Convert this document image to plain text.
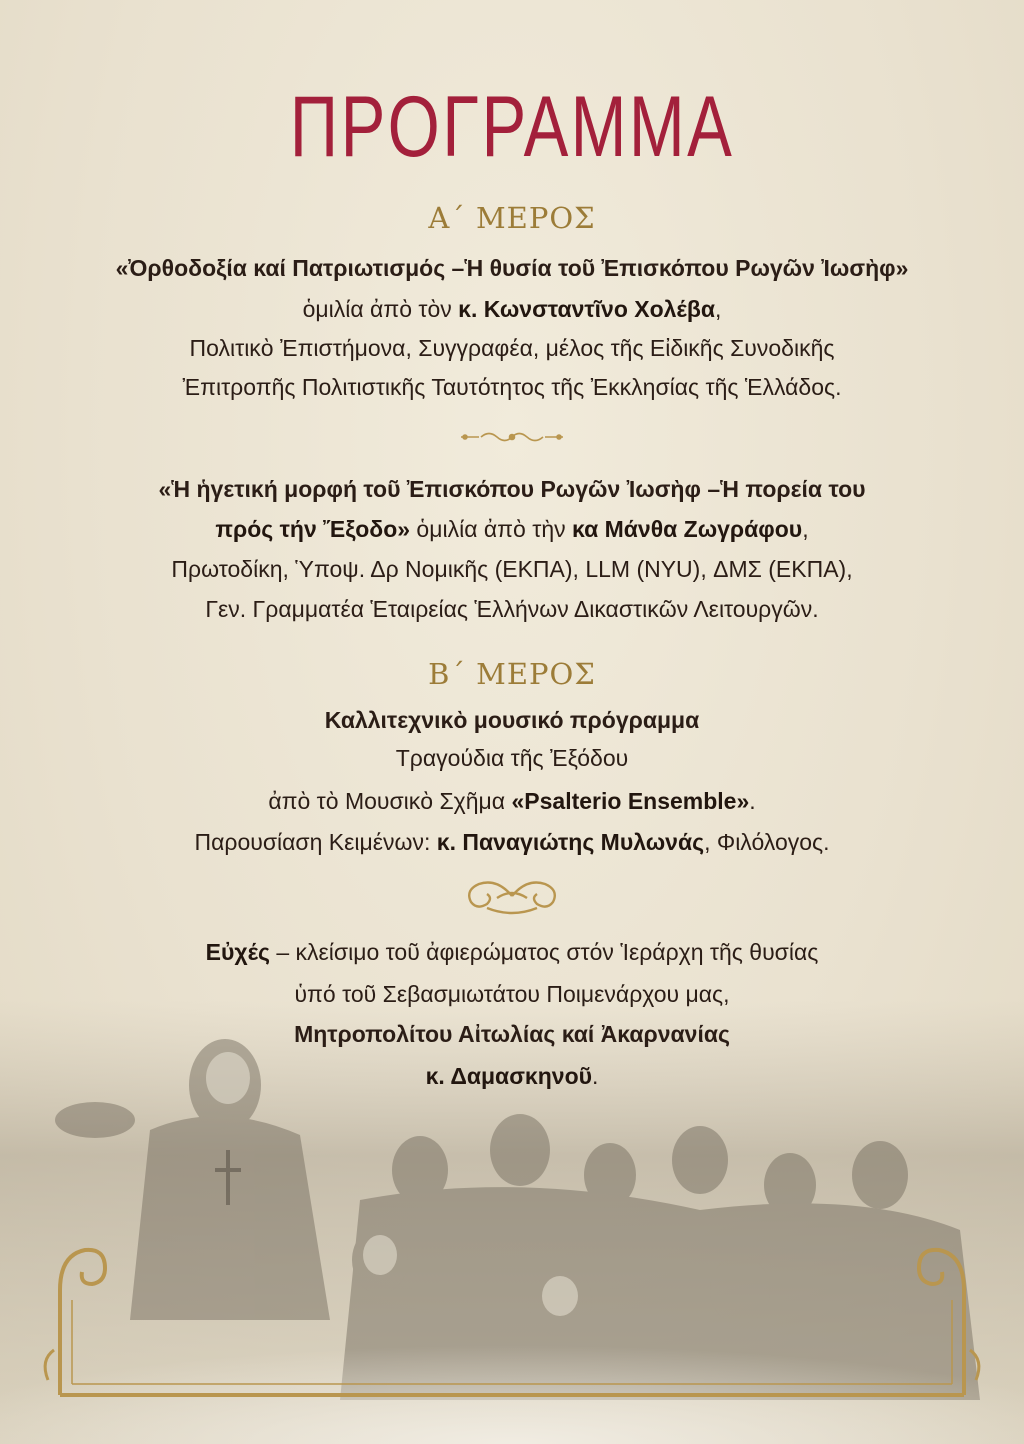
ΠΡΟΓΡΑΜΜΑ
Α΄ ΜΕΡΟΣ
«Ὀρθοδοξία καί Πατριωτισμός –Ἡ θυσία τοῦ Ἐπισκόπου Ρωγῶν Ἰωσὴφ»
ὁμιλία ἀπὸ τὸν κ. Κωνσταντῖνο Χολέβα,
Πολιτικὸ Ἐπιστήμονα, Συγγραφέα, μέλος τῆς Εἰδικῆς Συνοδικῆς
Ἐπιτροπῆς Πολιτιστικῆς Ταυτότητος τῆς Ἐκκλησίας τῆς Ἑλλάδος.
«Ἡ ἡγετική μορφή τοῦ Ἐπισκόπου Ρωγῶν Ἰωσὴφ –Ἡ πορεία του
πρός τήν Ἔξοδο» ὁμιλία ἀπὸ τὴν κα Μάνθα Ζωγράφου,
Πρωτοδίκη, Ὑποψ. Δρ Νομικῆς (ΕΚΠΑ), LLM (NYU), ΔΜΣ (ΕΚΠΑ),
Γεν. Γραμματέα Ἑταιρείας Ἑλλήνων Δικαστικῶν Λειτουργῶν.
Β΄ ΜΕΡΟΣ
Καλλιτεχνικὸ μουσικό πρόγραμμα
Τραγούδια τῆς Ἐξόδου
ἀπὸ τὸ Μουσικὸ Σχῆμα «Psalterio Ensemble».
Παρουσίαση Κειμένων: κ. Παναγιώτης Μυλωνάς, Φιλόλογος.
Εὐχές – κλείσιμο τοῦ ἀφιερώματος στόν Ἱεράρχη τῆς θυσίας
ὑπό τοῦ Σεβασμιωτάτου Ποιμενάρχου μας,
Μητροπολίτου Αἰτωλίας καί Ἀκαρνανίας
κ. Δαμασκηνοῦ.
